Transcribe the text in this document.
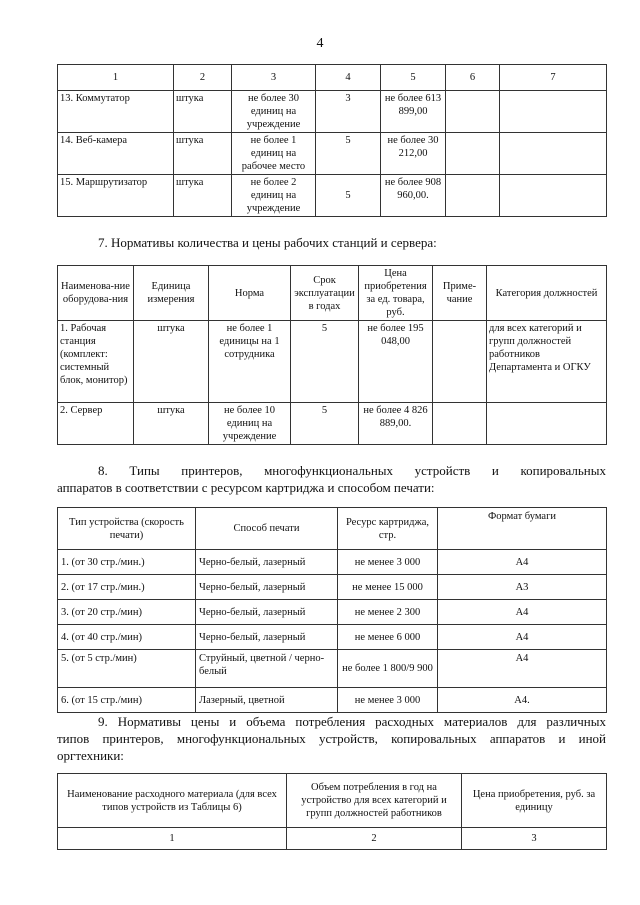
4
1	2	3	4	5	6	7
13. Коммутатор	штука	не более 30 единиц на учреждение	3	не более 613 899,00		
14. Веб-камера	штука	не более 1 единиц на рабочее место	5	не более 30 212,00		
15. Маршрутизатор	штука	не более 2 единиц на учреждение	5	не более 908 960,00.		
7. Нормативы количества и цены рабочих станций и сервера:
Наименова-ние оборудова-ния	Единица измерения	Норма	Срок эксплуатации в годах	Цена приобретения за ед. товара, руб.	Приме-чание	Категория должностей
1. Рабочая станция (комплект: системный блок, монитор)	штука	не более 1 единицы на 1 сотрудника	5	не более 195 048,00		для всех категорий и групп должностей работников Департамента и ОГКУ
2. Сервер	штука	не более 10 единиц на учреждение	5	не более 4 826 889,00.		
8. Типы принтеров, многофункциональных устройств и копировальных
аппаратов в соответствии с ресурсом картриджа и способом печати:
Тип устройства (скорость печати)	Способ печати	Ресурс картриджа, стр.	Формат бумаги
1. (от 30 стр./мин.)	Черно-белый, лазерный	не менее 3 000	А4
2. (от 17 стр./мин.)	Черно-белый, лазерный	не менее 15 000	А3
3. (от 20 стр./мин)	Черно-белый, лазерный	не менее 2 300	А4
4. (от 40 стр./мин)	Черно-белый, лазерный	не менее 6 000	А4
5. (от 5 стр./мин)	Струйный, цветной / черно-белый	не более 1 800/9 900	А4
6. (от 15 стр./мин)	Лазерный, цветной	не менее 3 000	А4.
9. Нормативы цены и объема потребления расходных материалов для различных
типов принтеров, многофункциональных устройств, копировальных аппаратов и иной
оргтехники:
Наименование расходного материала (для всех типов устройств из Таблицы 6)	Объем потребления в год на устройство для всех категорий и групп должностей работников	Цена приобретения, руб. за единицу
1	2	3
